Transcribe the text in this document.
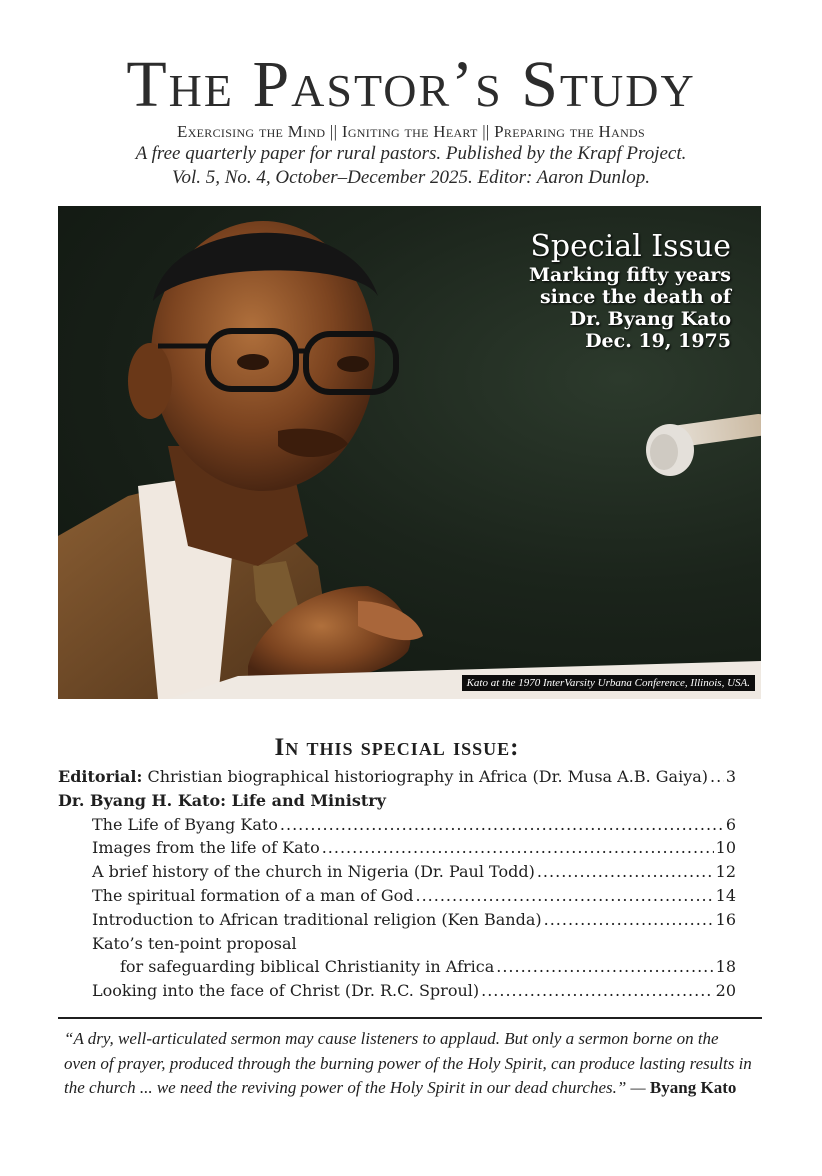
The Pastor’s Study
Exercising the Mind || Igniting the Heart || Preparing the Hands
A free quarterly paper for rural pastors. Published by the Krapf Project.
Vol. 5, No. 4, October–December 2025. Editor: Aaron Dunlop.
Special Issue
Marking fifty years
since the death of
Dr. Byang Kato
Dec. 19, 1975
Kato at the 1970 InterVarsity Urbana Conference, Illinois, USA.
In this special issue:
Editorial: Christian biographical historiography in Africa (Dr. Musa A.B. Gaiya) ..... 3
Dr. Byang H. Kato: Life and Ministry
The Life of Byang Kato .....	6
Images from the life of Kato .....	10
A brief history of the church in Nigeria (Dr. Paul Todd) .....	12
The spiritual formation of a man of God .....	14
Introduction to African traditional religion (Ken Banda) .....	16
Kato’s ten-point proposal
for safeguarding biblical Christianity in Africa .....	18
Looking into the face of Christ (Dr. R.C. Sproul) .....	20
“A dry, well-articulated sermon may cause listeners to applaud. But only a sermon borne on the oven of prayer, produced through the burning power of the Holy Spirit, can produce lasting results in the church ... we need the reviving power of the Holy Spirit in our dead churches.” — Byang Kato
